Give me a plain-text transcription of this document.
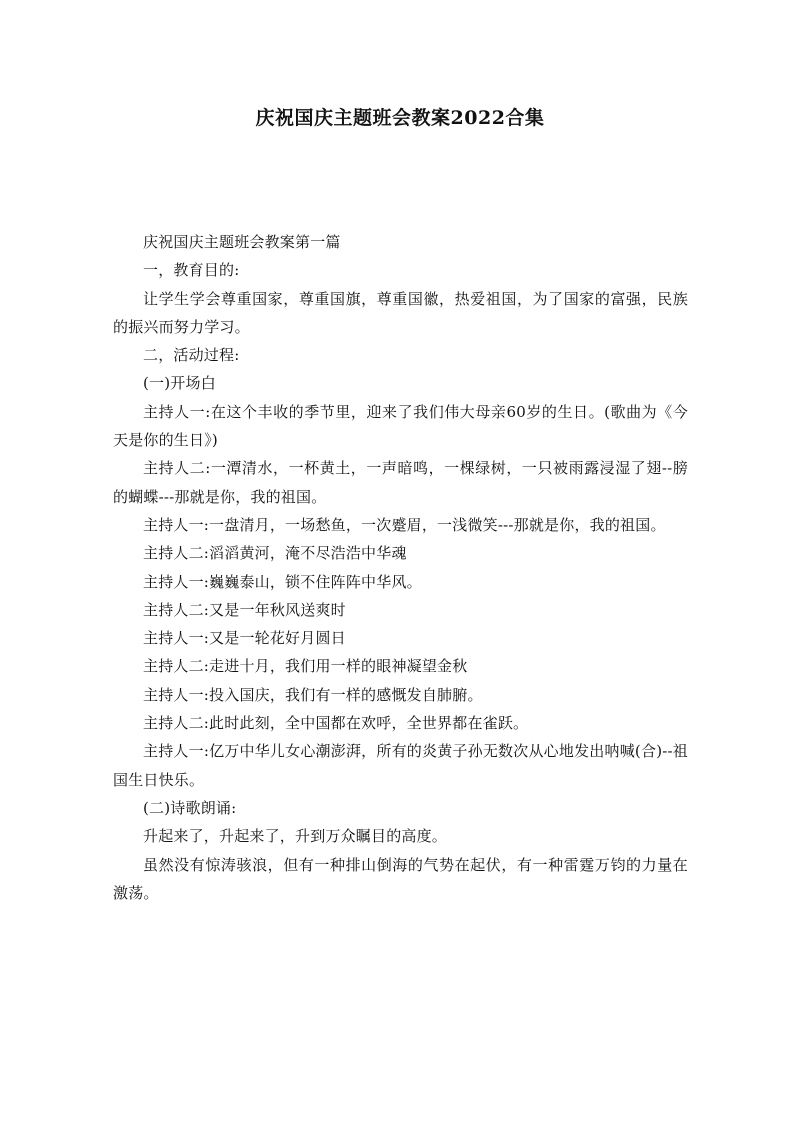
庆祝国庆主题班会教案2022合集

庆祝国庆主题班会教案第一篇

一，教育目的:

让学生学会尊重国家，尊重国旗，尊重国徽，热爱祖国，为了国家的富强，民族的振兴而努力学习。

二，活动过程:

(一)开场白

主持人一:在这个丰收的季节里，迎来了我们伟大母亲60岁的生日。(歌曲为《今天是你的生日》)

主持人二:一潭清水，一杯黄土，一声暗鸣，一棵绿树，一只被雨露浸湿了翅--膀的蝴蝶---那就是你，我的祖国。

主持人一:一盘清月，一场愁鱼，一次蹙眉，一浅微笑---那就是你，我的祖国。

主持人二:滔滔黄河，淹不尽浩浩中华魂

主持人一:巍巍泰山，锁不住阵阵中华风。

主持人二:又是一年秋风送爽时

主持人一:又是一轮花好月圆日

主持人二:走进十月，我们用一样的眼神凝望金秋

主持人一:投入国庆，我们有一样的感慨发自肺腑。

主持人二:此时此刻，全中国都在欢呼，全世界都在雀跃。

主持人一:亿万中华儿女心潮澎湃，所有的炎黄子孙无数次从心地发出呐喊(合)--祖国生日快乐。

(二)诗歌朗诵:

升起来了，升起来了，升到万众瞩目的高度。

虽然没有惊涛骇浪，但有一种排山倒海的气势在起伏，有一种雷霆万钧的力量在激荡。
